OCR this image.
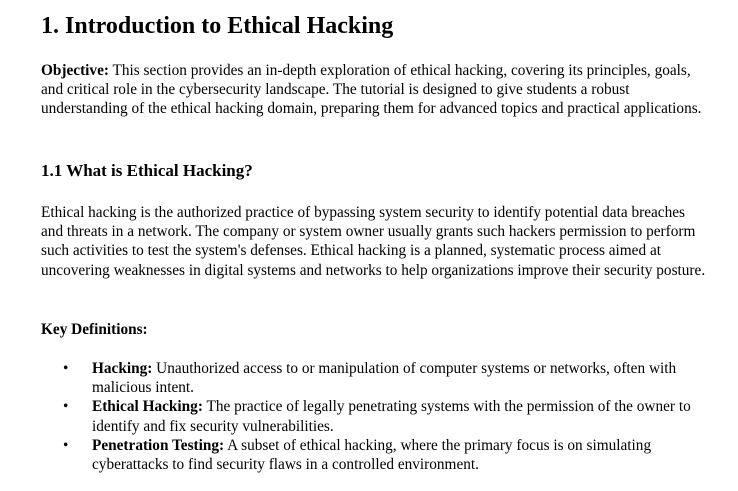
1. Introduction to Ethical Hacking

Objective: This section provides an in-depth exploration of ethical hacking, covering its principles, goals, and critical role in the cybersecurity landscape. The tutorial is designed to give students a robust understanding of the ethical hacking domain, preparing them for advanced topics and practical applications.

1.1 What is Ethical Hacking?

Ethical hacking is the authorized practice of bypassing system security to identify potential data breaches and threats in a network. The company or system owner usually grants such hackers permission to perform such activities to test the system's defenses. Ethical hacking is a planned, systematic process aimed at uncovering weaknesses in digital systems and networks to help organizations improve their security posture.

Key Definitions:

• Hacking: Unauthorized access to or manipulation of computer systems or networks, often with malicious intent.
• Ethical Hacking: The practice of legally penetrating systems with the permission of the owner to identify and fix security vulnerabilities.
• Penetration Testing: A subset of ethical hacking, where the primary focus is on simulating cyberattacks to find security flaws in a controlled environment.
